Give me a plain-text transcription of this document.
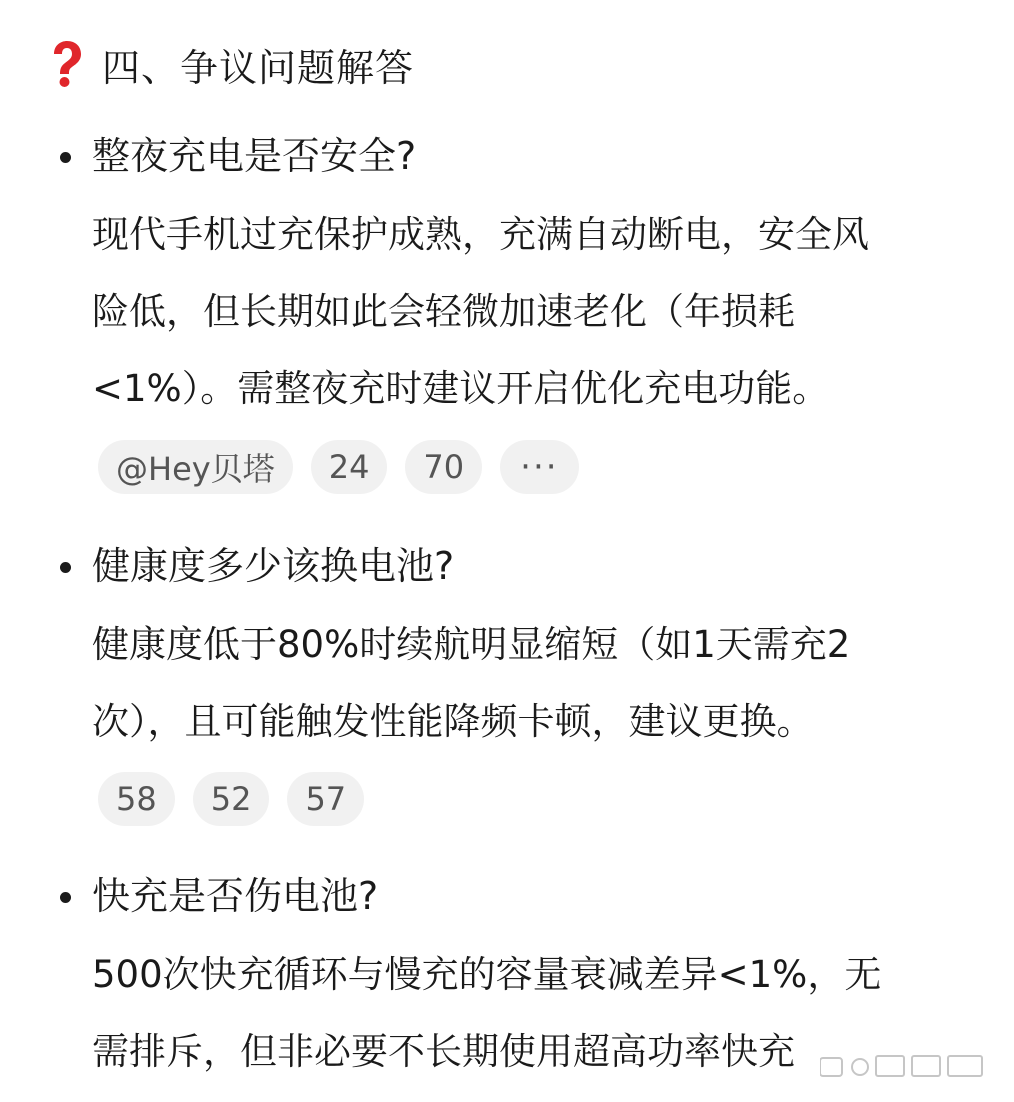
四、争议问题解答
整夜充电是否安全?
现代手机过充保护成熟，充满自动断电，安全风
险低，但长期如此会轻微加速老化（年损耗
<1%）。需整夜充时建议开启优化充电功能。
@Hey贝塔	24	70	···
健康度多少该换电池?
健康度低于80%时续航明显缩短（如1天需充2
次），且可能触发性能降频卡顿，建议更换。
58	52	57
快充是否伤电池?
500次快充循环与慢充的容量衰减差异<1%，无
需排斥，但非必要不长期使用超高功率快充
